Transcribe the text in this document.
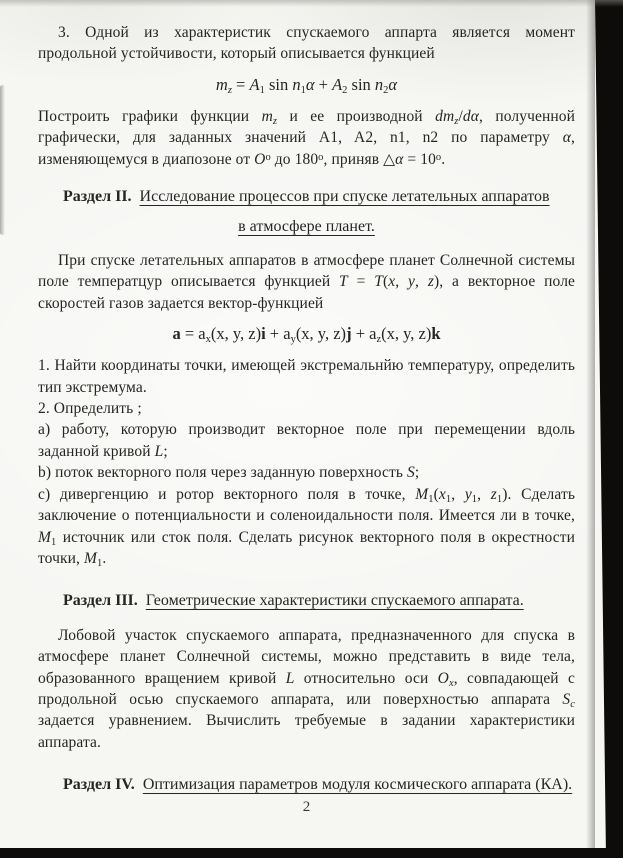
3. Одной из характеристик спускаемого аппарта является момент продольной устойчивости, который описывается функцией

$m_z = A_1$ $\sin n_1\alpha + A_2$ $\sin n_2\alpha$

Построить графики функции $m_z$ и ее производной $dm_z/d\alpha$, полученной графически, для заданных значений A1, A2, n1, n2 по параметру α, изменяющемуся в диапозоне от $O^o$ до 180$^o$, приняв △α = $10^o$.

Раздел II. Исследование процессов при спуске летательных аппаратов
в атмосфере планет.

При спуске летательных аппаратов в атмосфере планет Солнечной системы поле температцур описывается функцией T = T(x, y, z), а векторное поле скоростей газов задается вектор-функцией

$a = a_x(x$, y, $z)i + a_y(x$, y, $z)j + a_z(x$, y, z)k

1. Найти координаты точки, имеющей экстремальнйю температуру, определить тип экстремума.

2. Определить ;

a) работу, которую производит векторное поле при перемещении вдоль заданной кривой L;

b) поток векторного поля через заданную поверхность S;

c) дивергенцию и ротор векторного поля в точке, $M_1(x_1$, $y_1$, $z_1$). Сделать заключение о потенциальности и соленоидальности поля. Имеется ли в точке, $M_1$ источник или сток поля. Сделать рисунок векторного поля в окрестности точки, $M_1$.

Раздел III. Геометрические характеристики спускаемого аппарата.

Лобовой участок спускаемого аппарата, предназначенного для спуска в атмосфере планет Солнечной системы, можно представить в виде тела, образованного вращением кривой L относительно оси $O_x$, совпадающей с продольной осью спускаемого аппарата, или поверхностью аппарата $S_c$ задается уравнением. Вычислить требуемые в задании характеристики аппарата.

Раздел IV. Оптимизация параметров модуля космического аппарата (КА).
2
